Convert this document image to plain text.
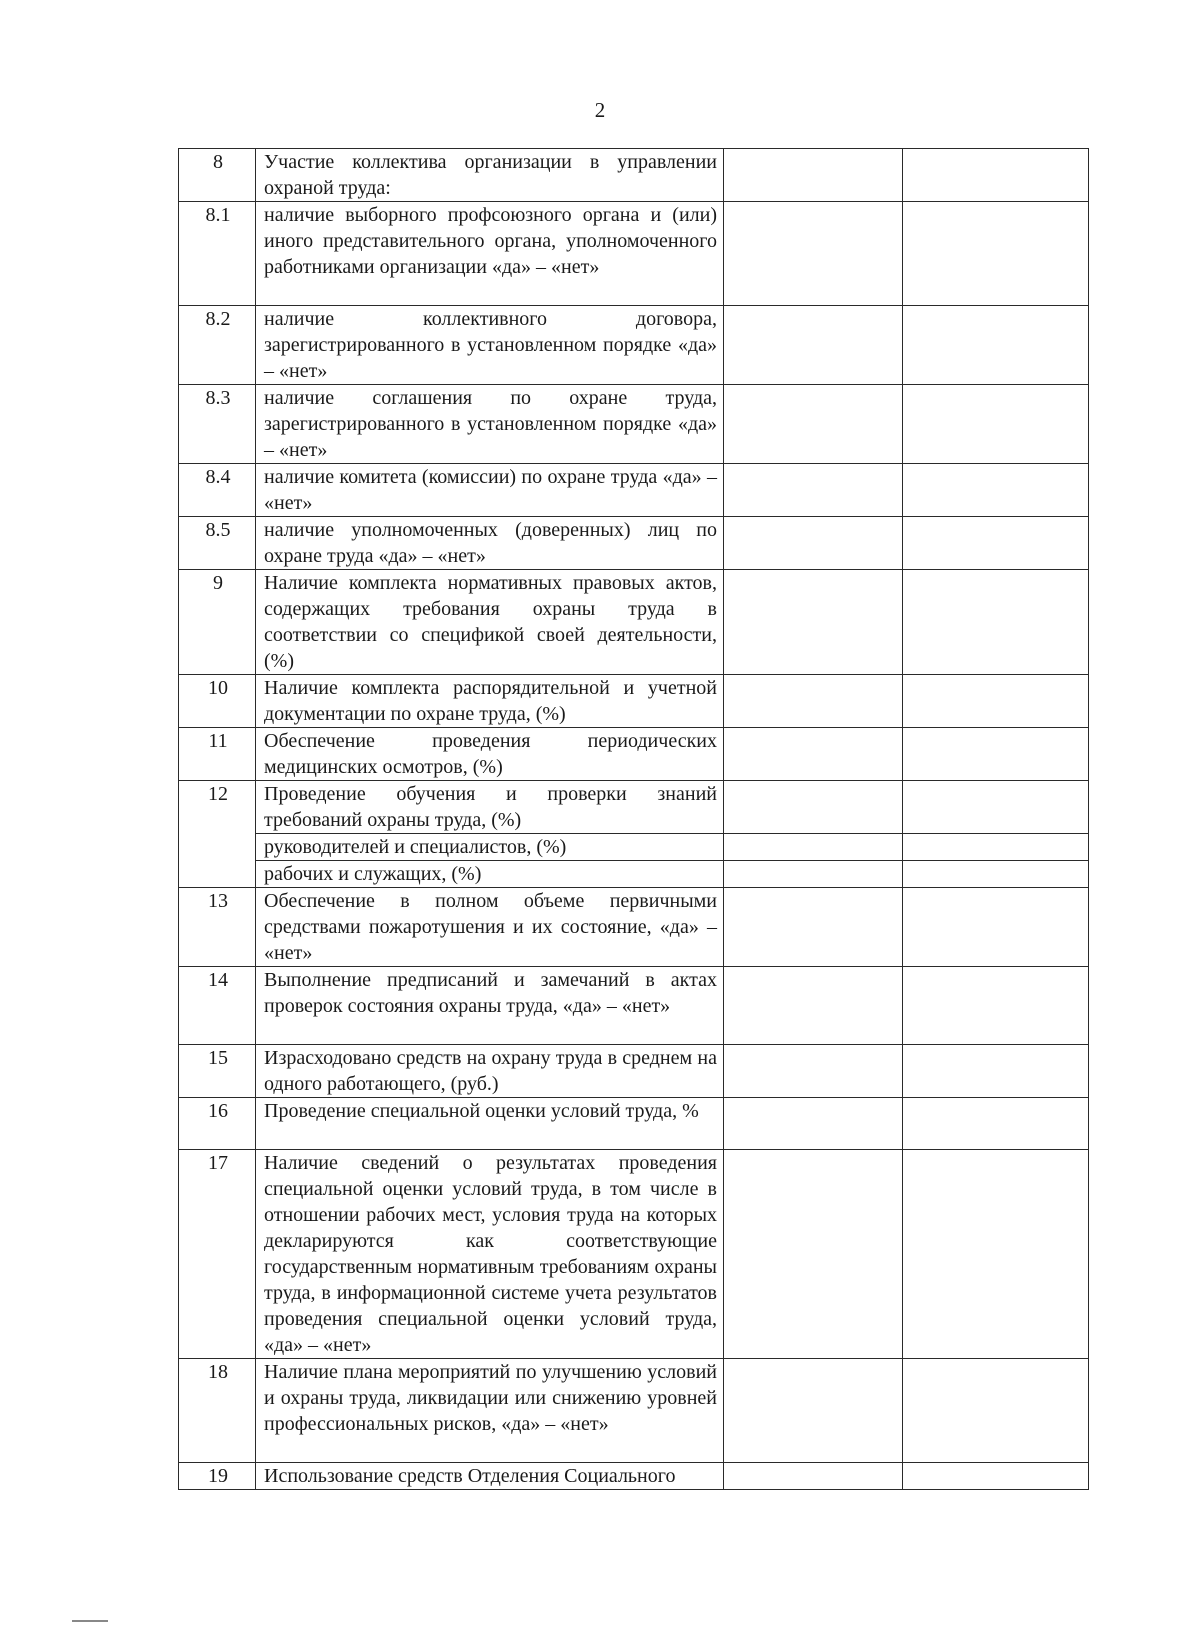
2
8	Участие коллектива организации в управлении охраной труда:		
8.1	наличие выборного профсоюзного органа и (или) иного представительного органа, уполномоченного работниками организации «да» – «нет»		
8.2	наличие коллективного договора, зарегистрированного в установленном порядке «да» – «нет»		
8.3	наличие соглашения по охране труда, зарегистрированного в установленном порядке «да» – «нет»		
8.4	наличие комитета (комиссии) по охране труда «да» – «нет»		
8.5	наличие уполномоченных (доверенных) лиц по охране труда «да» – «нет»		
9	Наличие комплекта нормативных правовых актов, содержащих требования охраны труда в соответствии со спецификой своей деятельности, (%)		
10	Наличие комплекта распорядительной и учетной документации по охране труда, (%)		
11	Обеспечение проведения периодических медицинских осмотров, (%)		
12	Проведение обучения и проверки знаний требований охраны труда, (%)		
	руководителей и специалистов, (%)		
	рабочих и служащих, (%)		
13	Обеспечение в полном объеме первичными средствами пожаротушения и их состояние, «да» – «нет»		
14	Выполнение предписаний и замечаний в актах проверок состояния охраны труда, «да» – «нет»		
15	Израсходовано средств на охрану труда в среднем на одного работающего, (руб.)		
16	Проведение специальной оценки условий труда, %		
17	Наличие сведений о результатах проведения специальной оценки условий труда, в том числе в отношении рабочих мест, условия труда на которых декларируются как соответствующие государственным нормативным требованиям охраны труда, в информационной системе учета результатов проведения специальной оценки условий труда, «да» – «нет»		
18	Наличие плана мероприятий по улучшению условий и охраны труда, ликвидации или снижению уровней профессиональных рисков, «да» – «нет»		
19	Использование средств Отделения Социального		
